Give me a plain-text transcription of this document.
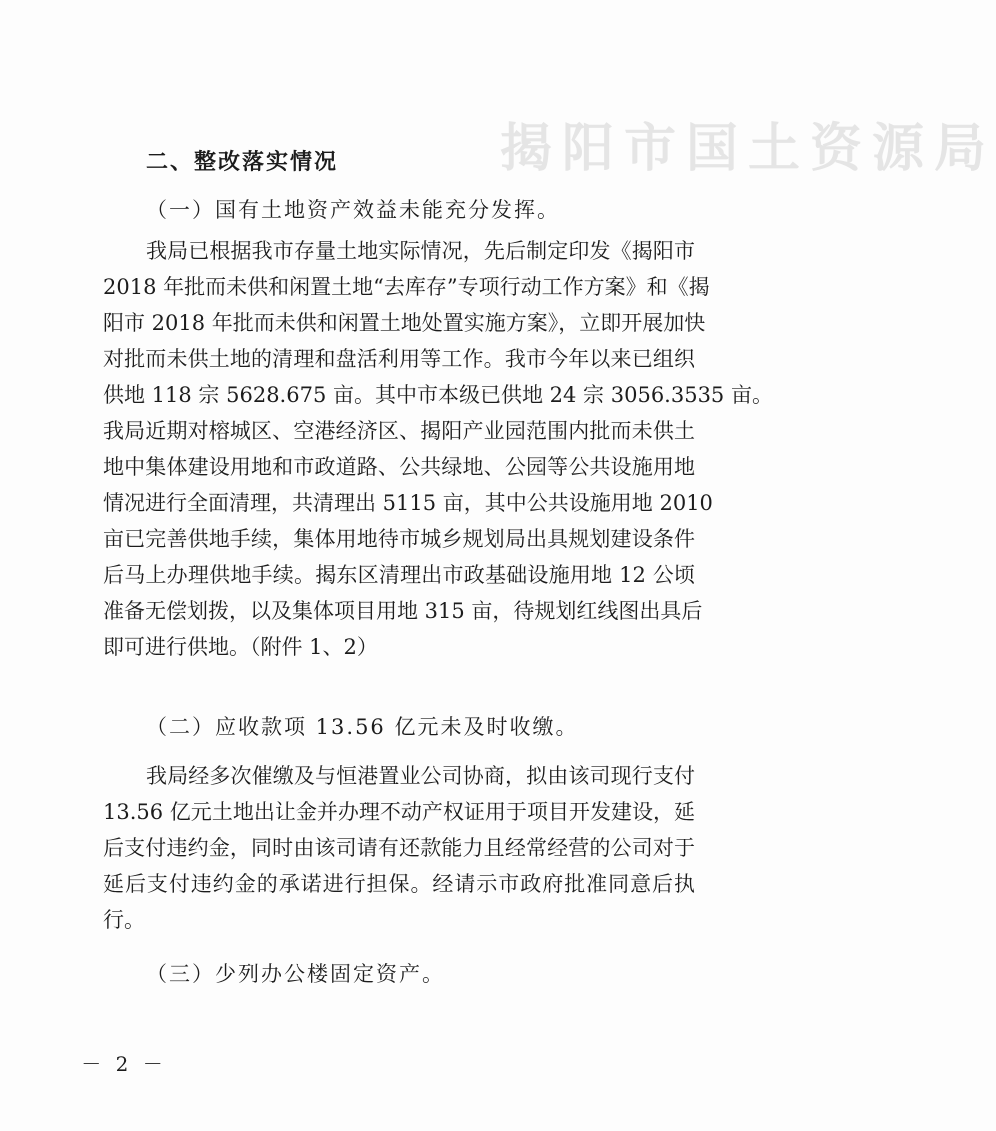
揭阳市国土资源局
二、整改落实情况

（一）国有土地资产效益未能充分发挥。

我局已根据我市存量土地实际情况，先后制定印发《揭阳市

2018 年批而未供和闲置土地“去库存”专项行动工作方案》和《揭

阳市 2018 年批而未供和闲置土地处置实施方案》，立即开展加快

对批而未供土地的清理和盘活利用等工作。我市今年以来已组织

供地 118 宗 5628.675 亩。其中市本级已供地 24 宗 3056.3535 亩。

我局近期对榕城区、空港经济区、揭阳产业园范围内批而未供土

地中集体建设用地和市政道路、公共绿地、公园等公共设施用地

情况进行全面清理，共清理出 5115 亩，其中公共设施用地 2010

亩已完善供地手续，集体用地待市城乡规划局出具规划建设条件

后马上办理供地手续。揭东区清理出市政基础设施用地 12 公顷

准备无偿划拨，以及集体项目用地 315 亩，待规划红线图出具后

即可进行供地。（附件 1、2）

（二）应收款项 13.56 亿元未及时收缴。

我局经多次催缴及与恒港置业公司协商，拟由该司现行支付

13.56 亿元土地出让金并办理不动产权证用于项目开发建设，延

后支付违约金，同时由该司请有还款能力且经常经营的公司对于

延后支付违约金的承诺进行担保。经请示市政府批准同意后执

行。

（三）少列办公楼固定资产。

－ 2 －
